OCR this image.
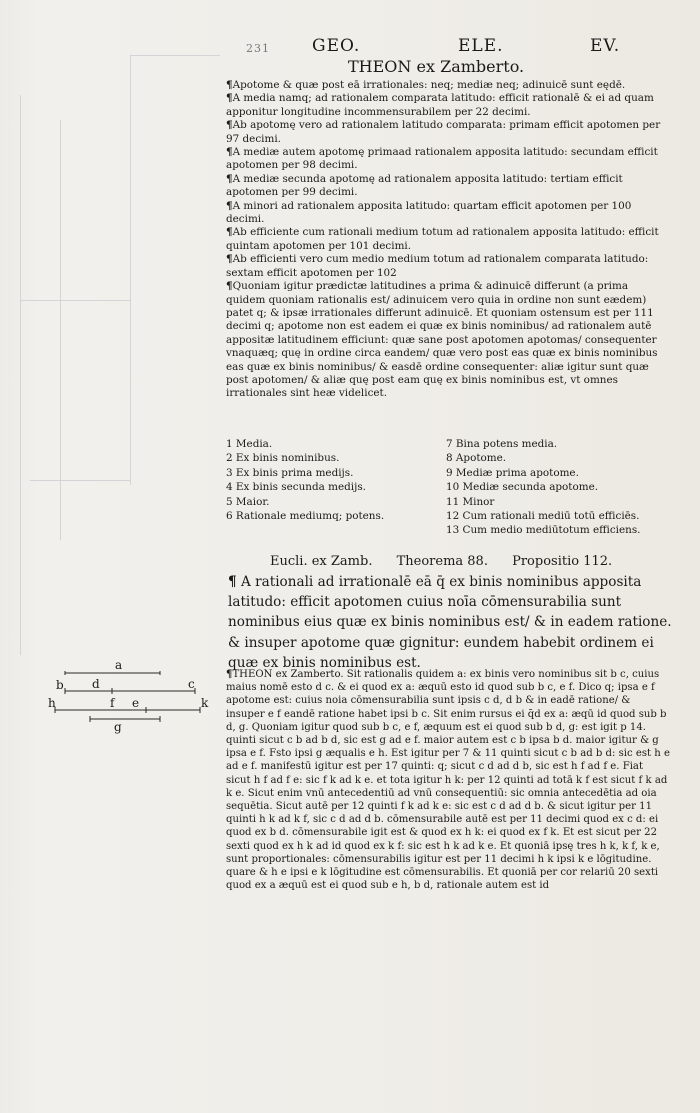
231 GEO.	ELE.	EV.
THEON ex Zamberto.

¶Apotome & quæ post eā irrationales: neq; mediæ neq; adinuicē sunt eędē.

¶A media namq; ad rationalem comparata latitudo: efficit rationalē & ei ad quam apponitur longitudine incommensurabilem per 22 decimi.

¶Ab apotomę vero ad rationalem latitudo comparata: primam efficit apotomen per 97 decimi.

¶A mediæ autem apotomę primaad rationalem apposita latitudo: secundam efficit apotomen per 98 decimi.

¶A mediæ secunda apotomę ad rationalem apposita latitudo: tertiam efficit apotomen per 99 decimi.

¶A minori ad rationalem apposita latitudo: quartam efficit apotomen per 100 decimi.

¶Ab efficiente cum rationali medium totum ad rationalem apposita latitudo: efficit quintam apotomen per 101 decimi.

¶Ab efficienti vero cum medio medium totum ad rationalem comparata latitudo: sextam efficit apotomen per 102

¶Quoniam igitur prædictæ latitudines a prima & adinuicē differunt (a prima quidem quoniam rationalis est/ adinuicem vero quia in ordine non sunt eædem) patet q; & ipsæ irrationales differunt adinuicē. Et quoniam ostensum est per 111 decimi q; apotome non est eadem ei quæ ex binis nominibus/ ad rationalem autē appositæ latitudinem efficiunt: quæ sane post apotomen apotomas/ consequenter vnaquæq; quę in ordine circa eandem/ quæ vero post eas quæ ex binis nominibus eas quæ ex binis nominibus/ & easdē ordine consequenter: aliæ igitur sunt quæ post apotomen/ & aliæ quę post eam quę ex binis nominibus est, vt omnes irrationales sint heæ videlicet.

1 Media.
2 Ex binis nominibus.
3 Ex binis prima medijs.
4 Ex binis secunda medijs.
5 Maior.
6 Rationale mediumq; potens.
7 Bina potens media.
8 Apotome.
9 Mediæ prima apotome.
10 Mediæ secunda apotome.
11 Minor
12 Cum rationali mediū totū efficiēs.
13 Cum medio mediūtotum efficiens.
Eucli. ex Zamb. Theorema 88. Propositio 112.

¶ A rationali ad irrationalē eā q̄ ex binis nominibus apposita latitudo: efficit apotomen cuius noīa cōmensurabilia sunt nominibus eius quæ ex binis nominibus est/ & in eadem ratione. & insuper apotome quæ gignitur: eundem habebit ordinem ei quæ ex binis nominibus est.

¶THEON ex Zamberto. Sit rationalis quidem a: ex binis vero nominibus sit b c, cuius maius nomē esto d c. & ei quod ex a: æquū esto id quod sub b c, e f. Dico q; ipsa e f apotome est: cuius noia cōmensurabilia sunt ipsis c d, d b & in eadē ratione/ & insuper e f eandē ratione habet ipsi b c. Sit enim rursus ei q̄d ex a: æqū id quod sub b d, g. Quoniam igitur quod sub b c, e f, æquum est ei quod sub b d, g: est igit p 14. quinti sicut c b ad b d, sic est g ad e f. maior autem est c b ipsa b d. maior igitur & g ipsa e f. Fsto ipsi g æqualis e h. Est igitur per 7 & 11 quinti sicut c b ad b d: sic est h e ad e f. manifestū igitur est per 17 quinti: q; sicut c d ad d b, sic est h f ad f e. Fiat sicut h f ad f e: sic f k ad k e. et tota igitur h k: per 12 quinti ad totā k f est sicut f k ad k e. Sicut enim vnū antecedentiū ad vnū consequentiū: sic omnia antecedētia ad oia sequētia. Sicut autē per 12 quinti f k ad k e: sic est c d ad d b. & sicut igitur per 11 quinti h k ad k f, sic c d ad d b. cōmensurabile autē est per 11 decimi quod ex c d: ei quod ex b d. cōmensurabile igit est & quod ex h k: ei quod ex f k. Et est sicut per 22 sexti quod ex h k ad id quod ex k f: sic est h k ad k e. Et quoniā ipsę tres h k, k f, k e, sunt proportionales: cōmensurabilis igitur est per 11 decimi h k ipsi k e lōgitudine. quare & h e ipsi e k lōgitudine est cōmensurabilis. Et quoniā per cor relariū 20 sexti quod ex a æquū est ei quod sub e h, b d, rationale autem est id

a
b d	c
h	f e	k
g
